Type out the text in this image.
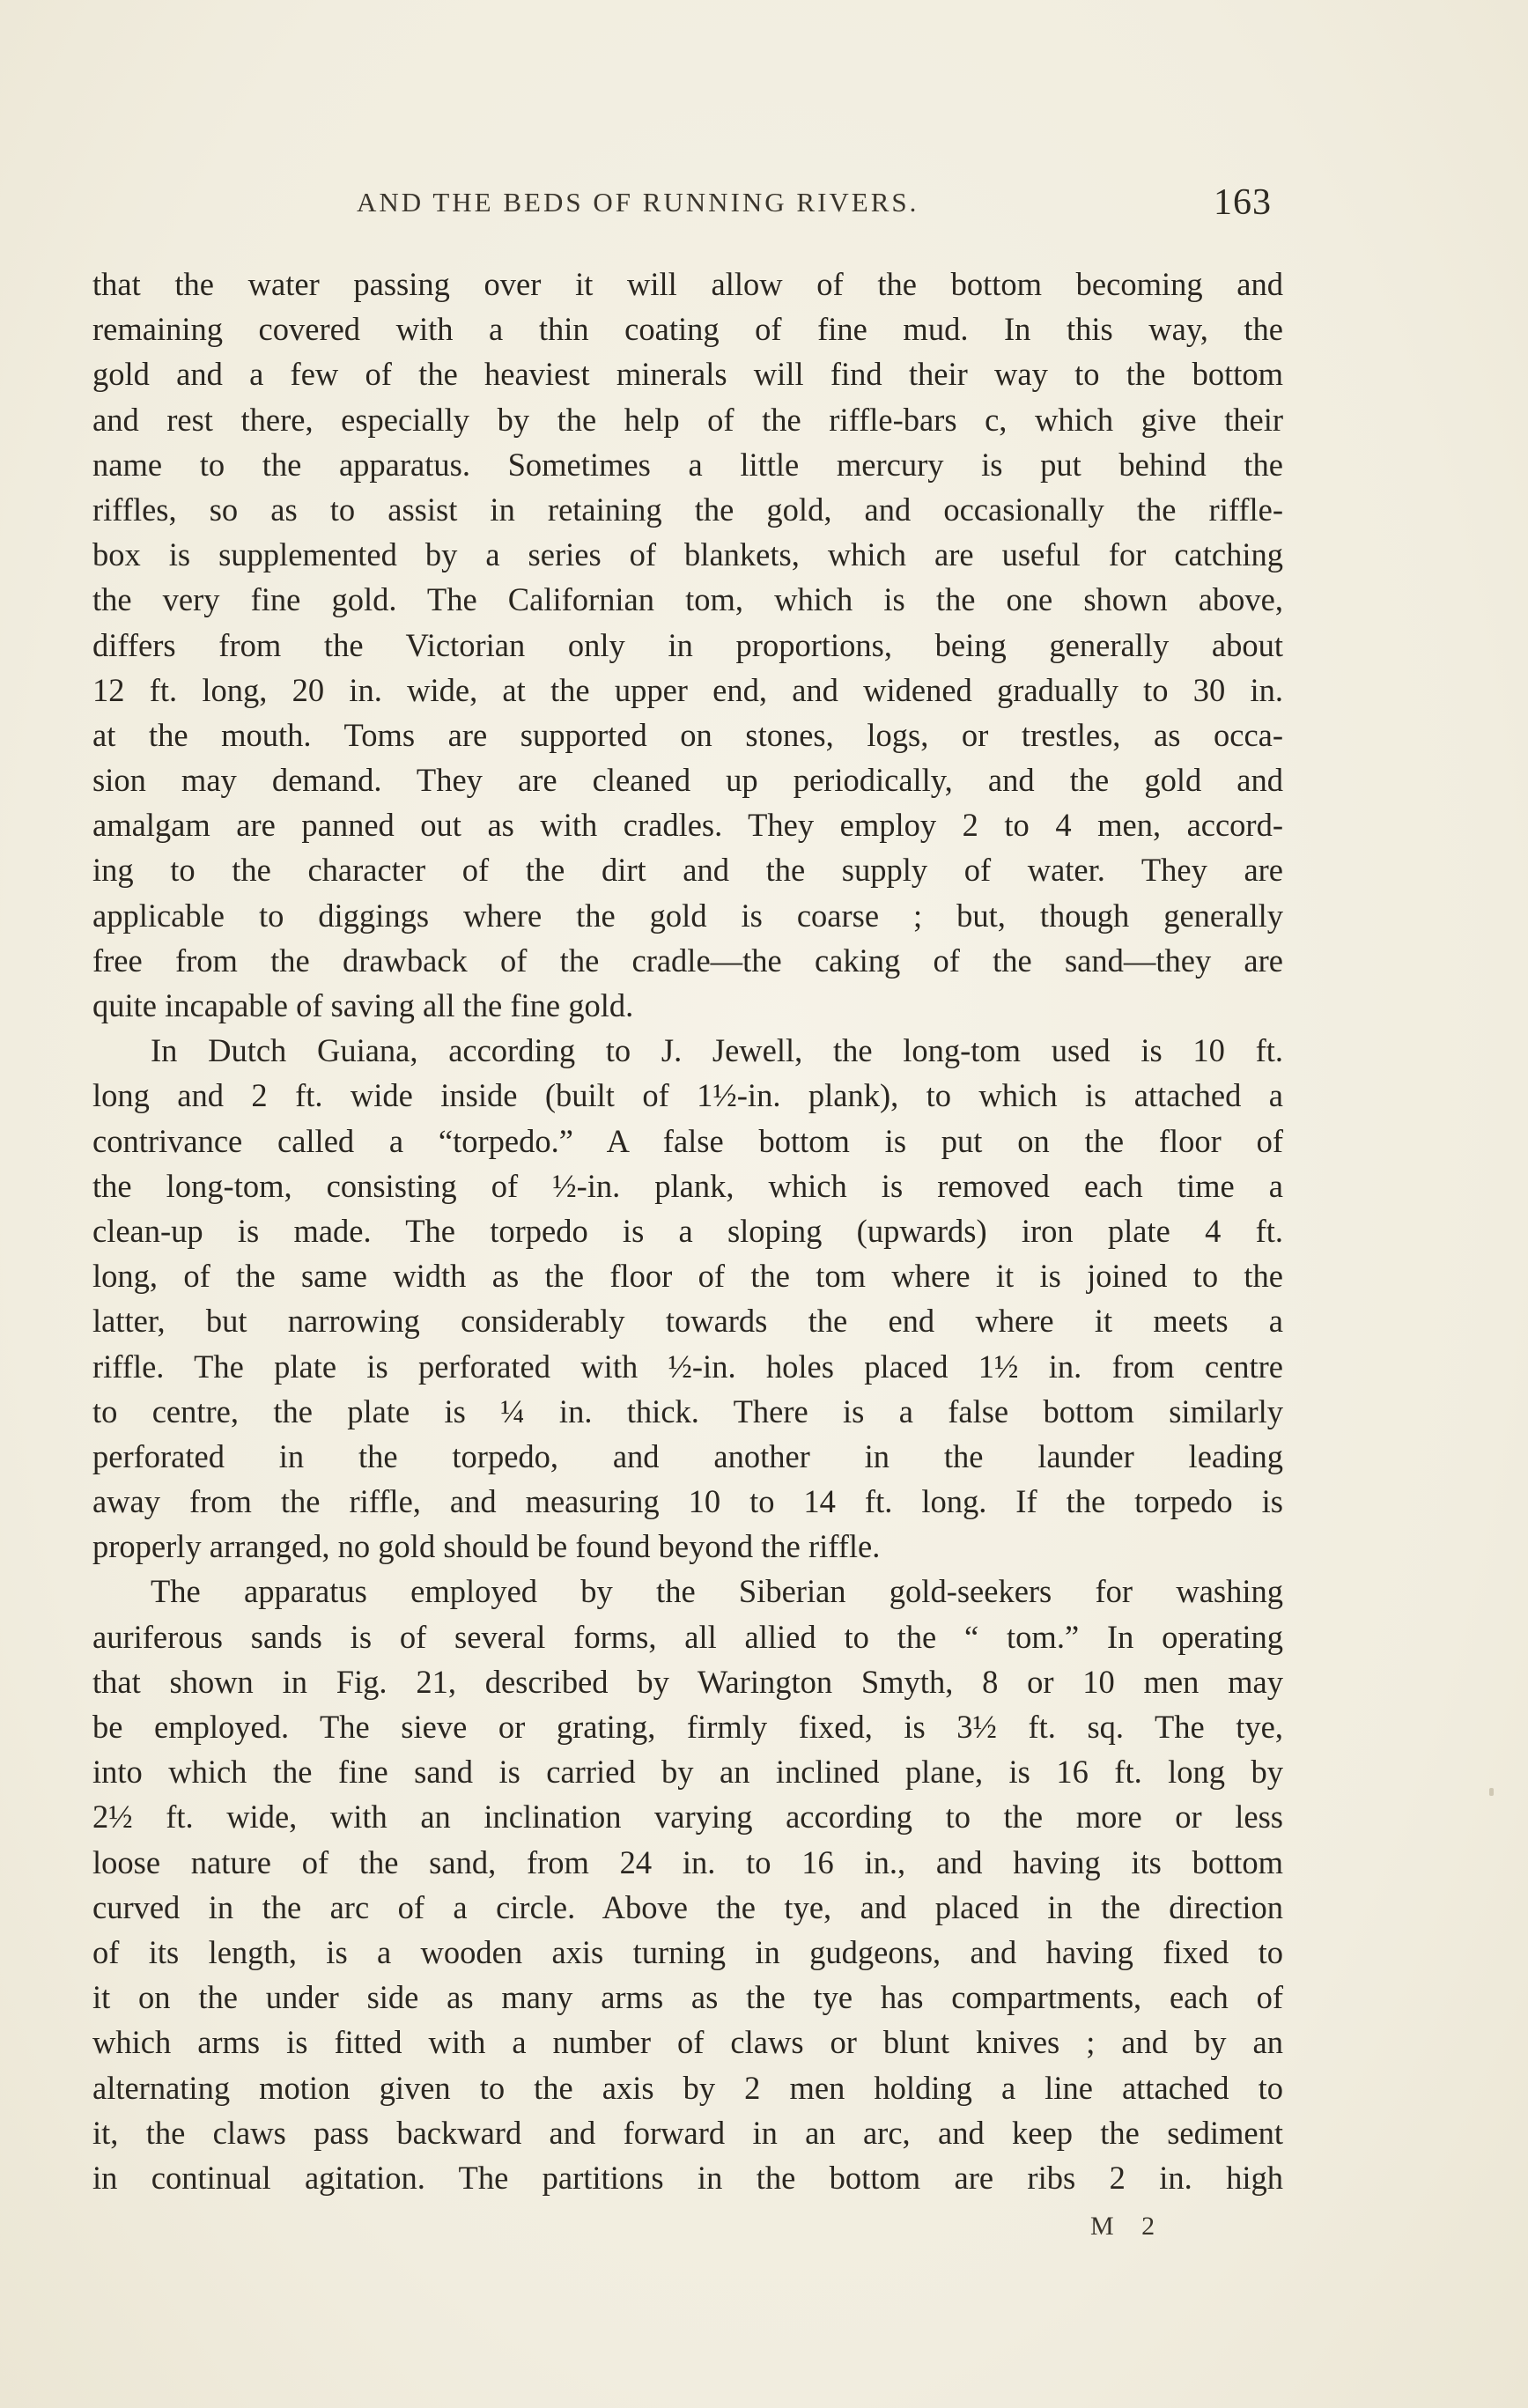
AND THE BEDS OF RUNNING RIVERS.	163
that the water passing over it will allow of the bottom becoming and
remaining covered with a thin coating of fine mud. In this way, the
gold and a few of the heaviest minerals will find their way to the bottom
and rest there, especially by the help of the riffle-bars c, which give their
name to the apparatus. Sometimes a little mercury is put behind the
riffles, so as to assist in retaining the gold, and occasionally the riffle-
box is supplemented by a series of blankets, which are useful for catching
the very fine gold. The Californian tom, which is the one shown above,
differs from the Victorian only in proportions, being generally about
12 ft. long, 20 in. wide, at the upper end, and widened gradually to 30 in.
at the mouth. Toms are supported on stones, logs, or trestles, as occa-
sion may demand. They are cleaned up periodically, and the gold and
amalgam are panned out as with cradles. They employ 2 to 4 men, accord-
ing to the character of the dirt and the supply of water. They are
applicable to diggings where the gold is coarse ; but, though generally
free from the drawback of the cradle—the caking of the sand—they are
quite incapable of saving all the fine gold.
In Dutch Guiana, according to J. Jewell, the long-tom used is 10 ft.
long and 2 ft. wide inside (built of 1½-in. plank), to which is attached a
contrivance called a “torpedo.” A false bottom is put on the floor of
the long-tom, consisting of ½-in. plank, which is removed each time a
clean-up is made. The torpedo is a sloping (upwards) iron plate 4 ft.
long, of the same width as the floor of the tom where it is joined to the
latter, but narrowing considerably towards the end where it meets a
riffle. The plate is perforated with ½-in. holes placed 1½ in. from centre
to centre, the plate is ¼ in. thick. There is a false bottom similarly
perforated in the torpedo, and another in the launder leading
away from the riffle, and measuring 10 to 14 ft. long. If the torpedo is
properly arranged, no gold should be found beyond the riffle.
The apparatus employed by the Siberian gold-seekers for washing
auriferous sands is of several forms, all allied to the “ tom.” In operating
that shown in Fig. 21, described by Warington Smyth, 8 or 10 men may
be employed. The sieve or grating, firmly fixed, is 3½ ft. sq. The tye,
into which the fine sand is carried by an inclined plane, is 16 ft. long by
2½ ft. wide, with an inclination varying according to the more or less
loose nature of the sand, from 24 in. to 16 in., and having its bottom
curved in the arc of a circle. Above the tye, and placed in the direction
of its length, is a wooden axis turning in gudgeons, and having fixed to
it on the under side as many arms as the tye has compartments, each of
which arms is fitted with a number of claws or blunt knives ; and by an
alternating motion given to the axis by 2 men holding a line attached to
it, the claws pass backward and forward in an arc, and keep the sediment
in continual agitation. The partitions in the bottom are ribs 2 in. high
M 2
